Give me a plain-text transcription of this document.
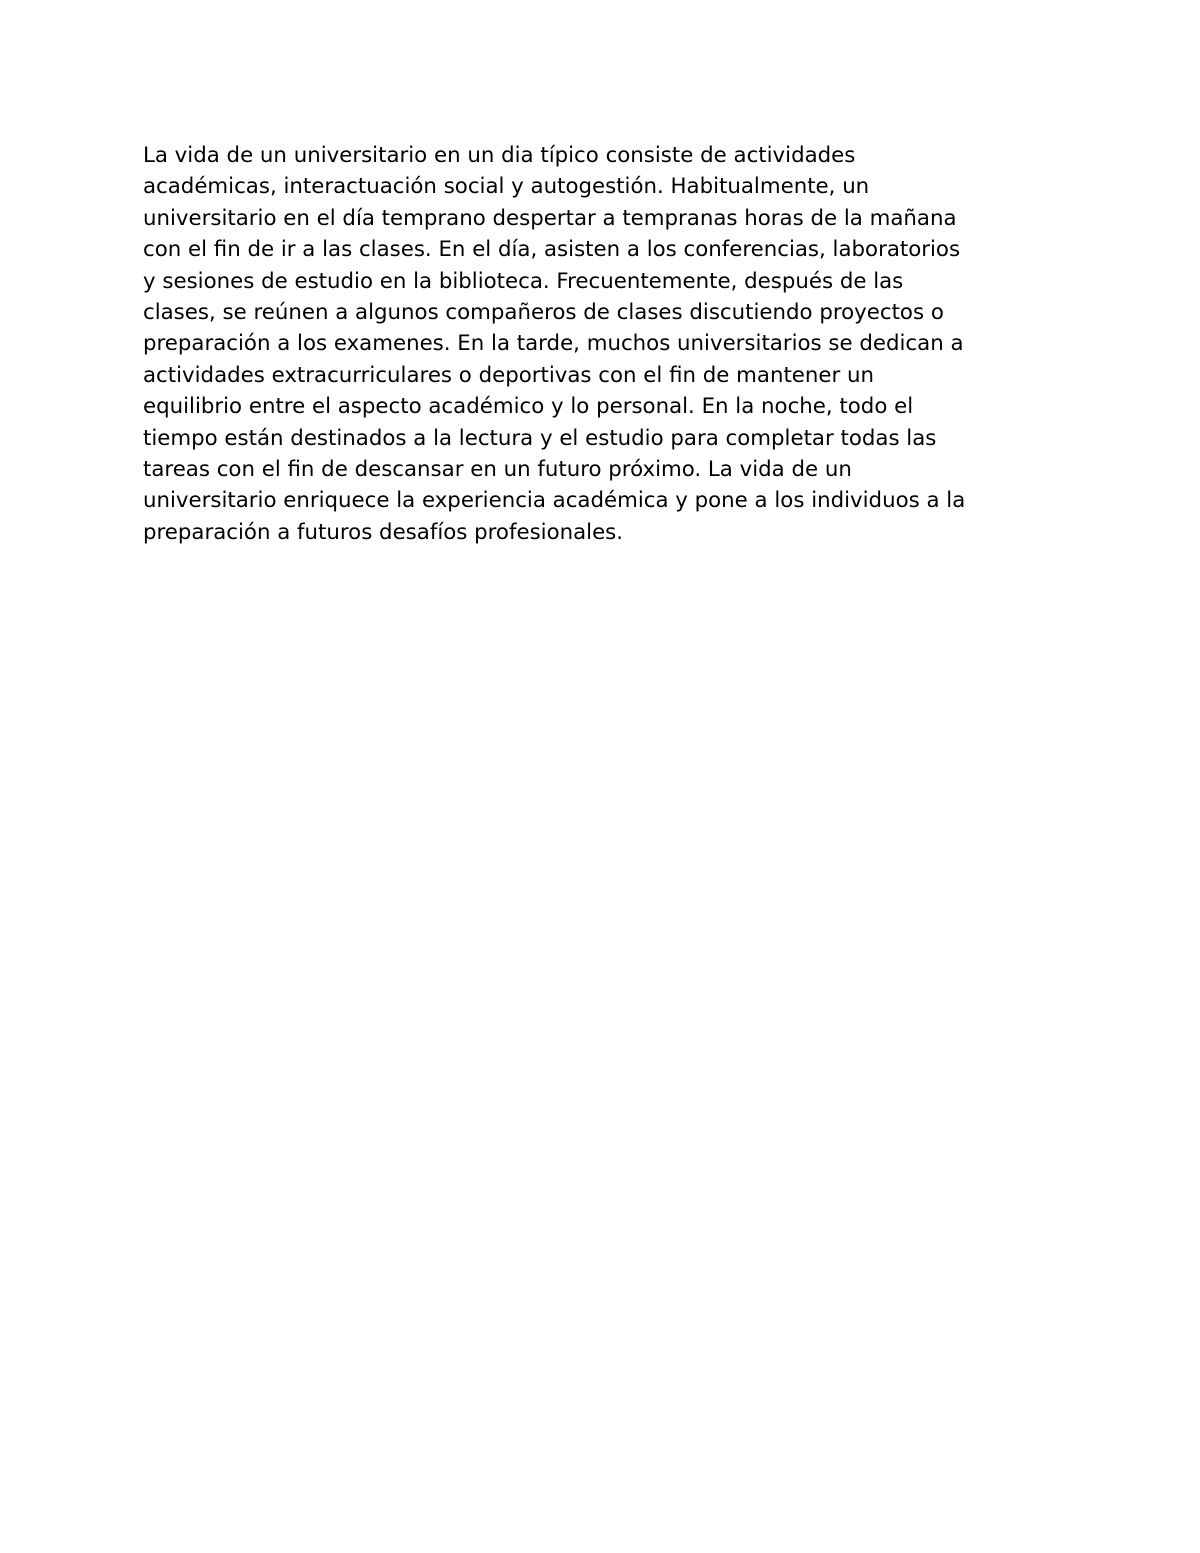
La vida de un universitario en un dia típico consiste de actividades
académicas, interactuación social y autogestión. Habitualmente, un
universitario en el día temprano despertar a tempranas horas de la mañana
con el fin de ir a las clases. En el día, asisten a los conferencias, laboratorios
y sesiones de estudio en la biblioteca. Frecuentemente, después de las
clases, se reúnen a algunos compañeros de clases discutiendo proyectos o
preparación a los examenes. En la tarde, muchos universitarios se dedican a
actividades extracurriculares o deportivas con el fin de mantener un
equilibrio entre el aspecto académico y lo personal. En la noche, todo el
tiempo están destinados a la lectura y el estudio para completar todas las
tareas con el fin de descansar en un futuro próximo. La vida de un
universitario enriquece la experiencia académica y pone a los individuos a la
preparación a futuros desafíos profesionales.
